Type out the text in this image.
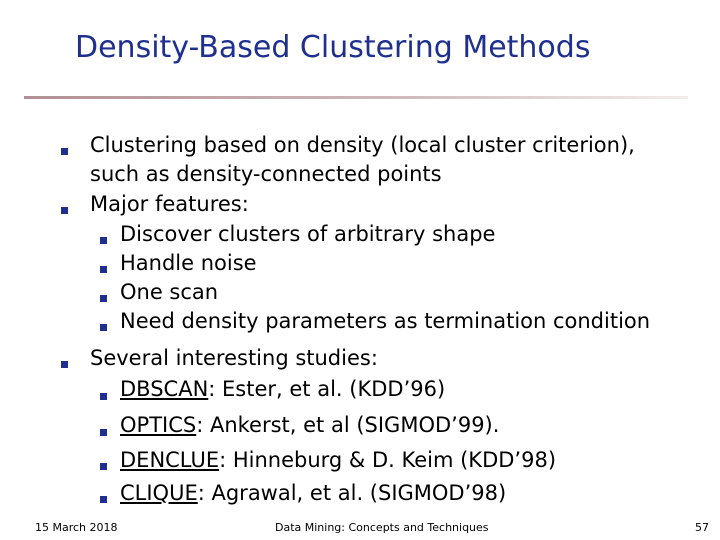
Density-Based Clustering Methods
Clustering based on density (local cluster criterion),
such as density-connected points
Major features:
Discover clusters of arbitrary shape
Handle noise
One scan
Need density parameters as termination condition
Several interesting studies:
DBSCAN: Ester, et al. (KDD’96)
OPTICS: Ankerst, et al (SIGMOD’99).
DENCLUE: Hinneburg & D. Keim (KDD’98)
CLIQUE: Agrawal, et al. (SIGMOD’98)
15 March 2018	Data Mining: Concepts and Techniques	57
